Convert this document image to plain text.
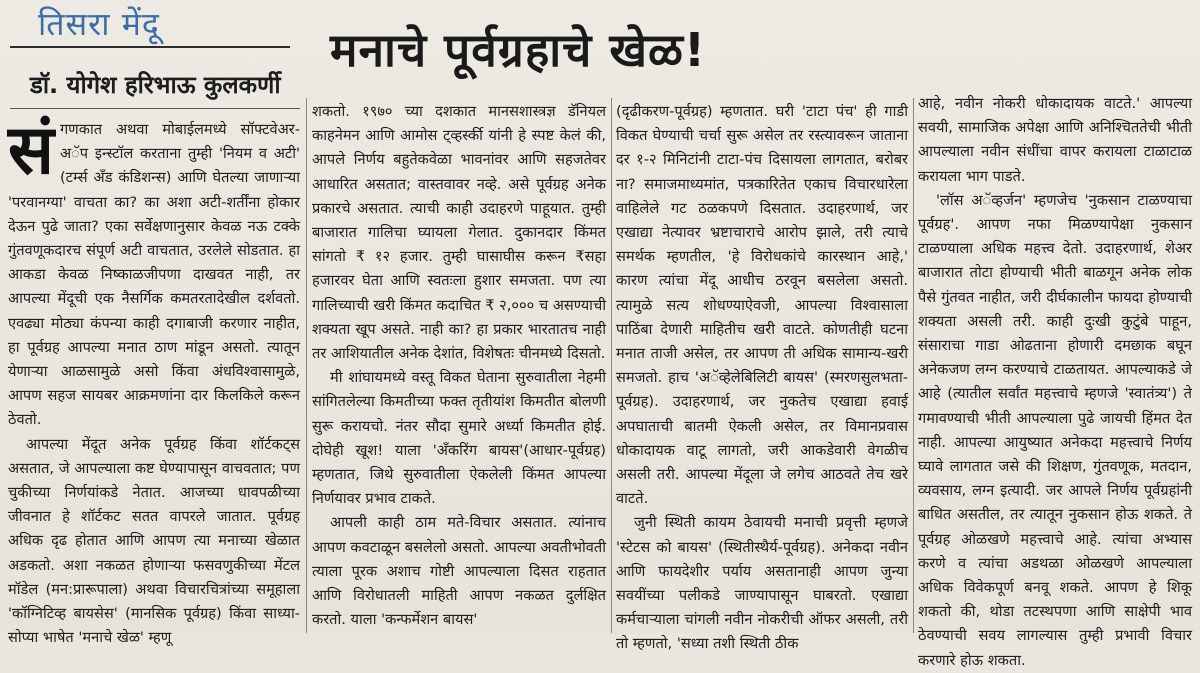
तिसरा मेंदू	मनाचे पूर्वग्रहाचे खेळ!
डॉ. योगेश हरिभाऊ कुलकर्णी

संगणकात अथवा मोबाईलमध्ये सॉफ्टवेअर-अॅप इन्स्टॉल करताना तुम्ही 'नियम व अटी' (टर्म्स अँड कंडिशन्स) आणि घेतल्या जाणाऱ्या 'परवानग्या' वाचता का? का अशा अटी-शर्तींना होकार देऊन पुढे जाता? एका सर्वेक्षणानुसार केवळ नऊ टक्के गुंतवणूकदारच संपूर्ण अटी वाचतात, उरलेले सोडतात. हा आकडा केवळ निष्काळजीपणा दाखवत नाही, तर आपल्या मेंदूची एक नैसर्गिक कमतरतादेखील दर्शवतो. एवढ्या मोठ्या कंपन्या काही दगाबाजी करणार नाहीत, हा पूर्वग्रह आपल्या मनात ठाण मांडून असतो. त्यातून येणाऱ्या आळसामुळे असो किंवा अंधविश्वासामुळे, आपण सहज सायबर आक्रमणांना दार किलकिले करून ठेवतो.

आपल्या मेंदूत अनेक पूर्वग्रह किंवा शॉर्टकट्स असतात, जे आपल्याला कष्ट घेण्यापासून वाचवतात; पण चुकीच्या निर्णयांकडे नेतात. आजच्या धावपळीच्या जीवनात हे शॉर्टकट सतत वापरले जातात. पूर्वग्रह अधिक दृढ होतात आणि आपण त्या मनाच्या खेळात अडकतो. अशा नकळत होणाऱ्या फसवणुकीच्या मेंटल मॉडेल (मन:प्रारूपाला) अथवा विचारचित्रांच्या समूहाला 'कॉग्निटिव्ह बायसेस' (मानसिक पूर्वग्रह) किंवा साध्या-सोप्या भाषेत 'मनाचे खेळ' म्हणू

शकतो. १९७० च्या दशकात मानसशास्त्रज्ञ डॅनियल काहनेमन आणि आमोस ट्व्हर्स्की यांनी हे स्पष्ट केलं की, आपले निर्णय बहुतेकवेळा भावनांवर आणि सहजतेवर आधारित असतात; वास्तवावर नव्हे. असे पूर्वग्रह अनेक प्रकारचे असतात. त्याची काही उदाहरणे पाहूयात. तुम्ही बाजारात गालिचा घ्यायला गेलात. दुकानदार किंमत सांगतो ₹ १२ हजार. तुम्ही घासाघीस करून ₹सहा हजारवर घेता आणि स्वतःला हुशार समजता. पण त्या गालिच्याची खरी किंमत कदाचित ₹ २,००० च असण्याची शक्यता खूप असते. नाही का? हा प्रकार भारतातच नाही तर आशियातील अनेक देशांत, विशेषतः चीनमध्ये दिसतो.

मी शांघायमध्ये वस्तू विकत घेताना सुरुवातीला नेहमी सांगितलेल्या किमतीच्या फक्त तृतीयांश किमतीत बोलणी सुरू करायचो. नंतर सौदा सुमारे अर्ध्या किमतीत होई. दोघेही खूश! याला 'अँकरिंग बायस'(आधार-पूर्वग्रह) म्हणतात, जिथे सुरुवातीला ऐकलेली किंमत आपल्या निर्णयावर प्रभाव टाकते.

आपली काही ठाम मते-विचार असतात. त्यांनाच आपण कवटाळून बसलेलो असतो. आपल्या अवतीभोवती त्याला पूरक अशाच गोष्टी आपल्याला दिसत राहतात आणि विरोधातली माहिती आपण नकळत दुर्लक्षित करतो. याला 'कन्फर्मेशन बायस'

(दृढीकरण-पूर्वग्रह) म्हणतात. घरी 'टाटा पंच' ही गाडी विकत घेण्याची चर्चा सुरू असेल तर रस्त्यावरून जाताना दर १-२ मिनिटांनी टाटा-पंच दिसायला लागतात, बरोबर ना? समाजमाध्यमांत, पत्रकारितेत एकाच विचारधारेला वाहिलेले गट ठळकपणे दिसतात. उदाहरणार्थ, जर एखाद्या नेत्यावर भ्रष्टाचाराचे आरोप झाले, तरी त्याचे समर्थक म्हणतील, 'हे विरोधकांचे कारस्थान आहे,' कारण त्यांचा मेंदू आधीच ठरवून बसलेला असतो. त्यामुळे सत्य शोधण्याऐवजी, आपल्या विश्वासाला पाठिंबा देणारी माहितीच खरी वाटते. कोणतीही घटना मनात ताजी असेल, तर आपण ती अधिक सामान्य-खरी समजतो. हाच 'अॅव्हेलेबिलिटी बायस' (स्मरणसुलभता-पूर्वग्रह). उदाहरणार्थ, जर नुकतेच एखाद्या हवाई अपघाताची बातमी ऐकली असेल, तर विमानप्रवास धोकादायक वाटू लागतो, जरी आकडेवारी वेगळीच असली तरी. आपल्या मेंदूला जे लगेच आठवते तेच खरे वाटते.

जुनी स्थिती कायम ठेवायची मनाची प्रवृत्ती म्हणजे 'स्टेटस को बायस' (स्थितीस्थैर्य-पूर्वग्रह). अनेकदा नवीन आणि फायदेशीर पर्याय असतानाही आपण जुन्या सवयींच्या पलीकडे जाण्यापासून घाबरतो. एखाद्या कर्मचाऱ्याला चांगली नवीन नोकरीची ऑफर असली, तरी तो म्हणतो, 'सध्या तशी स्थिती ठीक

आहे, नवीन नोकरी धोकादायक वाटते.' आपल्या सवयी, सामाजिक अपेक्षा आणि अनिश्चिततेची भीती आपल्याला नवीन संधींचा वापर करायला टाळाटाळ करायला भाग पाडते.

'लॉस अॅव्हर्जन' म्हणजेच 'नुकसान टाळण्याचा पूर्वग्रह'. आपण नफा मिळण्यापेक्षा नुकसान टाळण्याला अधिक महत्त्व देतो. उदाहरणार्थ, शेअर बाजारात तोटा होण्याची भीती बाळगून अनेक लोक पैसे गुंतवत नाहीत, जरी दीर्घकालीन फायदा होण्याची शक्यता असली तरी. काही दुःखी कुटुंबे पाहून, संसाराचा गाडा ओढताना होणारी दमछाक बघून अनेकजण लग्न करण्याचे टाळतायत. आपल्याकडे जे आहे (त्यातील सर्वांत महत्त्वाचे म्हणजे 'स्वातंत्र्य') ते गमावण्याची भीती आपल्याला पुढे जायची हिंमत देत नाही. आपल्या आयुष्यात अनेकदा महत्त्वाचे निर्णय घ्यावे लागतात जसे की शिक्षण, गुंतवणूक, मतदान, व्यवसाय, लग्न इत्यादी. जर आपले निर्णय पूर्वग्रहांनी बाधित असतील, तर त्यातून नुकसान होऊ शकते. ते पूर्वग्रह ओळखणे महत्त्वाचे आहे. त्यांचा अभ्यास करणे व त्यांचा अडथळा ओळखणे आपल्याला अधिक विवेकपूर्ण बनवू शकते. आपण हे शिकू शकतो की, थोडा तटस्थपणा आणि साक्षेपी भाव ठेवण्याची सवय लागल्यास तुम्ही प्रभावी विचार करणारे होऊ शकता.
